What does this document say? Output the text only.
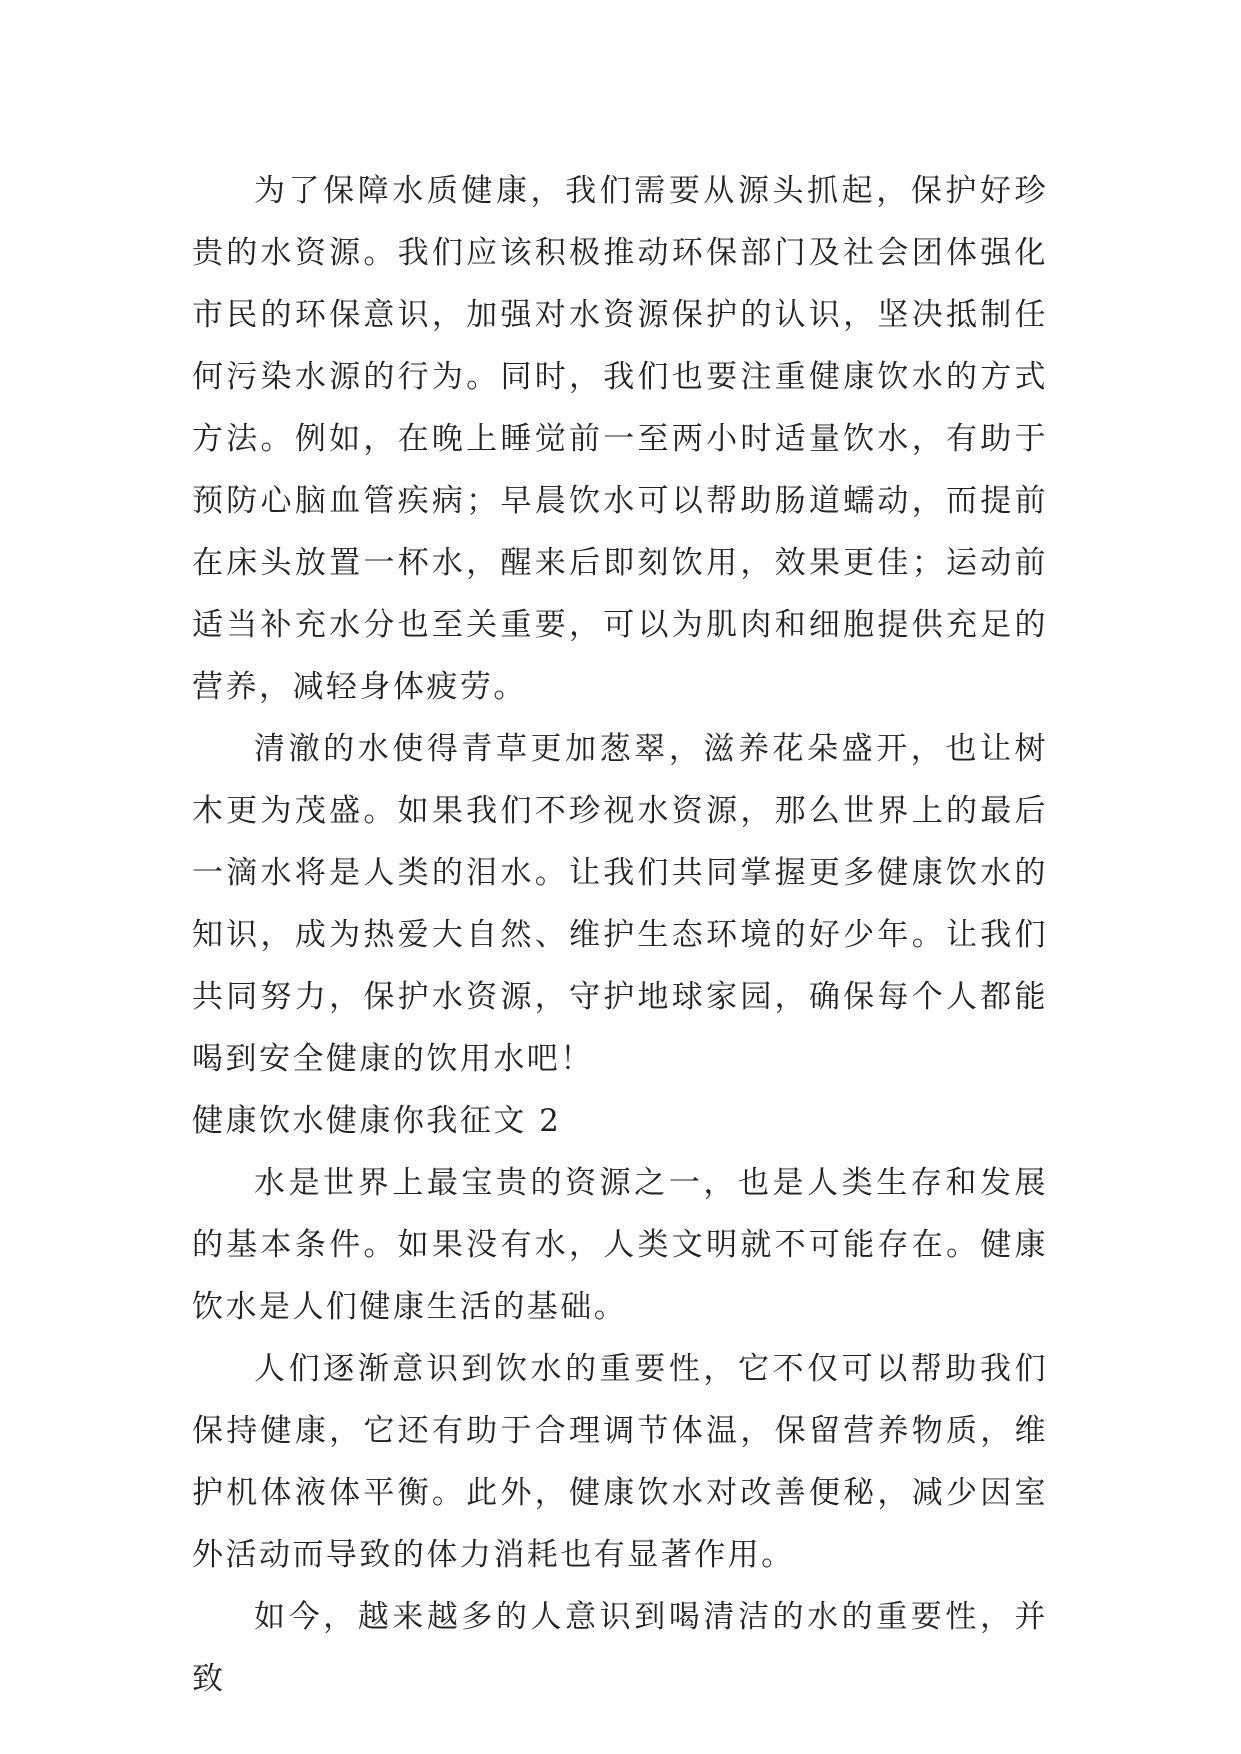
为了保障水质健康，我们需要从源头抓起，保护好珍贵的水资源。我们应该积极推动环保部门及社会团体强化市民的环保意识，加强对水资源保护的认识，坚决抵制任何污染水源的行为。同时，我们也要注重健康饮水的方式方法。例如，在晚上睡觉前一至两小时适量饮水，有助于预防心脑血管疾病；早晨饮水可以帮助肠道蠕动，而提前在床头放置一杯水，醒来后即刻饮用，效果更佳；运动前适当补充水分也至关重要，可以为肌肉和细胞提供充足的营养，减轻身体疲劳。

清澈的水使得青草更加葱翠，滋养花朵盛开，也让树木更为茂盛。如果我们不珍视水资源，那么世界上的最后一滴水将是人类的泪水。让我们共同掌握更多健康饮水的知识，成为热爱大自然、维护生态环境的好少年。让我们共同努力，保护水资源，守护地球家园，确保每个人都能喝到安全健康的饮用水吧！

健康饮水健康你我征文 2

水是世界上最宝贵的资源之一，也是人类生存和发展的基本条件。如果没有水，人类文明就不可能存在。健康饮水是人们健康生活的基础。

人们逐渐意识到饮水的重要性，它不仅可以帮助我们保持健康，它还有助于合理调节体温，保留营养物质，维护机体液体平衡。此外，健康饮水对改善便秘，减少因室外活动而导致的体力消耗也有显著作用。

如今，越来越多的人意识到喝清洁的水的重要性，并致
